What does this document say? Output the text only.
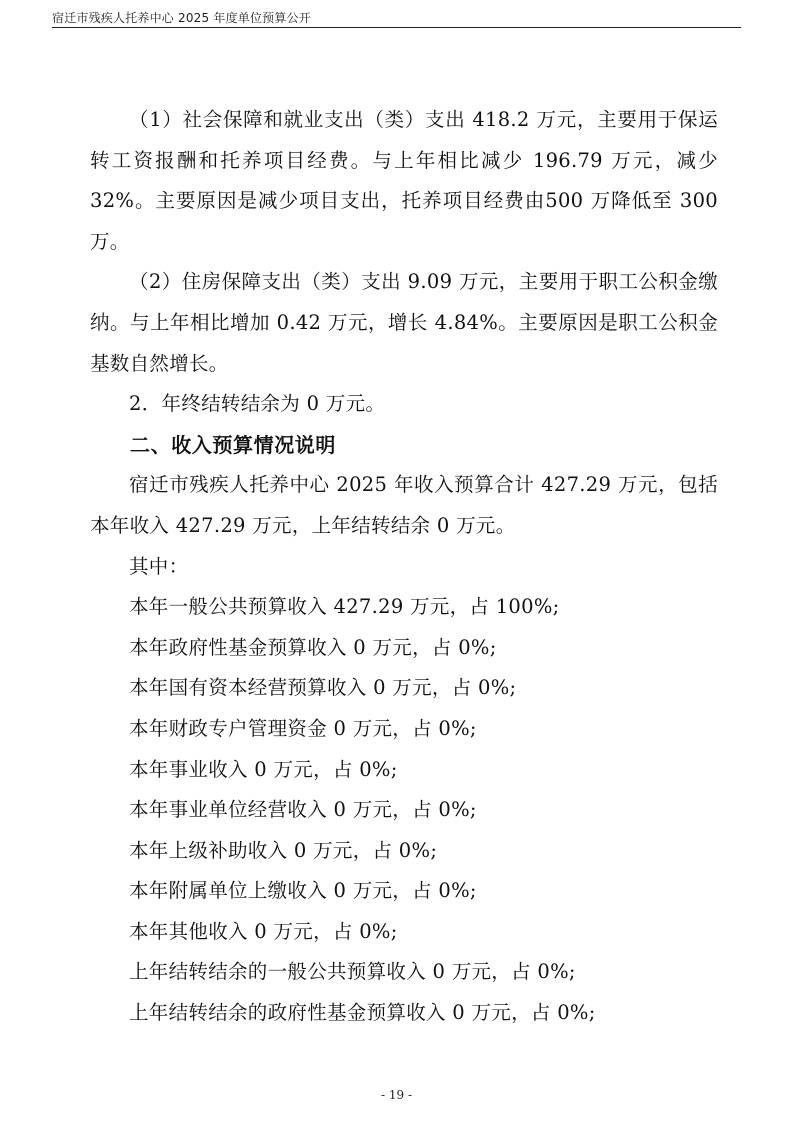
宿迁市残疾人托养中心 2025 年度单位预算公开

（1）社会保障和就业支出（类）支出 418.2 万元，主要用于保运转工资报酬和托养项目经费。与上年相比减少 196.79 万元，减少 32%。主要原因是减少项目支出，托养项目经费由500 万降低至 300 万。

（2）住房保障支出（类）支出 9.09 万元，主要用于职工公积金缴纳。与上年相比增加 0.42 万元，增长 4.84%。主要原因是职工公积金基数自然增长。

2．年终结转结余为 0 万元。

二、收入预算情况说明

宿迁市残疾人托养中心 2025 年收入预算合计 427.29 万元，包括本年收入 427.29 万元，上年结转结余 0 万元。

其中：

本年一般公共预算收入 427.29 万元，占 100%;

本年政府性基金预算收入 0 万元，占 0%;

本年国有资本经营预算收入 0 万元，占 0%;

本年财政专户管理资金 0 万元，占 0%;

本年事业收入 0 万元，占 0%;

本年事业单位经营收入 0 万元，占 0%;

本年上级补助收入 0 万元，占 0%;

本年附属单位上缴收入 0 万元，占 0%;

本年其他收入 0 万元，占 0%;

上年结转结余的一般公共预算收入 0 万元，占 0%;

上年结转结余的政府性基金预算收入 0 万元，占 0%;

- 19 -
